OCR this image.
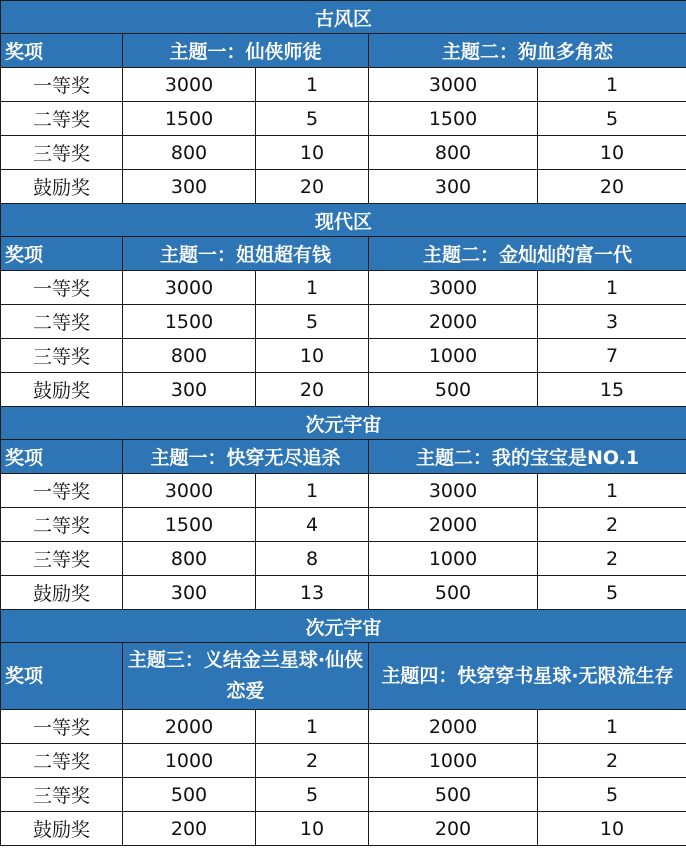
古风区				
奖项	主题一：仙侠师徒		主题二：狗血多角恋	
一等奖	3000	1	3000	1
二等奖	1500	5	1500	5
三等奖	800	10	800	10
鼓励奖	300	20	300	20
现代区				
奖项	主题一：姐姐超有钱		主题二：金灿灿的富一代	
一等奖	3000	1	3000	1
二等奖	1500	5	2000	3
三等奖	800	10	1000	7
鼓励奖	300	20	500	15
次元宇宙				
奖项	主题一：快穿无尽追杀		主题二：我的宝宝是NO.1	
一等奖	3000	1	3000	1
二等奖	1500	4	2000	2
三等奖	800	8	1000	2
鼓励奖	300	13	500	5
次元宇宙				
奖项	主题三：义结金兰星球·仙侠恋爱		主题四：快穿穿书星球·无限流生存	
一等奖	2000	1	2000	1
二等奖	1000	2	1000	2
三等奖	500	5	500	5
鼓励奖	200	10	200	10
